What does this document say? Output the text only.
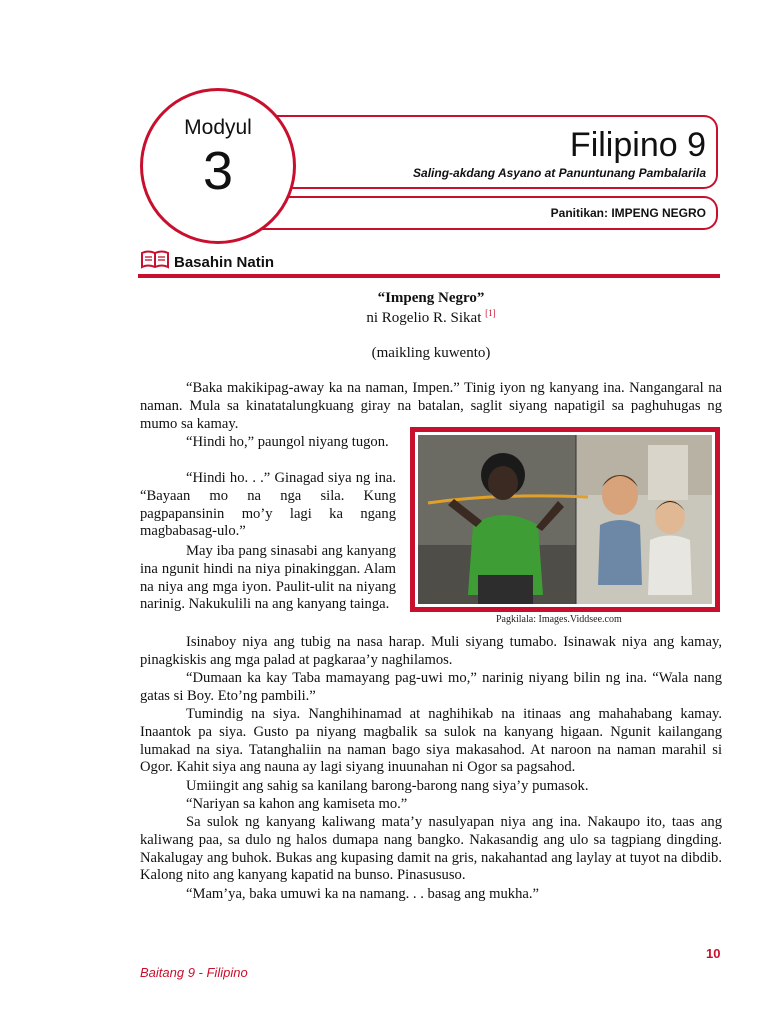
Modyul
3	Filipino 9
Saling-akdang Asyano at Panuntunang Pambalarila
Panitikan: IMPENG NEGRO
Basahin Natin
“Impeng Negro”
ni Rogelio R. Sikat [1]
(maikling kuwento)

“Baka makikipag-away ka na naman, Impen.” Tinig iyon ng kanyang ina. Nangangaral na naman. Mula sa kinatatalungkuang giray na batalan, saglit siyang napatigil sa paghuhugas ng mumo sa kamay.

“Hindi ho,” paungol niyang tugon.

“Hindi ho. . .” Ginagad siya ng ina. “Bayaan mo na nga sila. Kung pagpapansinin mo’y lagi ka ngang magbabasag-ulo.”

May iba pang sinasabi ang kanyang ina ngunit hindi na niya pinakinggan. Alam na niya ang mga iyon. Paulit-ulit na niyang narinig. Nakukulili na ang kanyang tainga.

Isinaboy niya ang tubig na nasa harap. Muli siyang tumabo. Isinawak niya ang kamay, pinagkiskis ang mga palad at pagkaraa’y naghilamos.

“Dumaan ka kay Taba mamayang pag-uwi mo,” narinig niyang bilin ng ina. “Wala nang gatas si Boy. Eto’ng pambili.”

Tumindig na siya. Nanghihinamad at naghihikab na itinaas ang mahahabang kamay. Inaantok pa siya. Gusto pa niyang magbalik sa sulok na kanyang higaan. Ngunit kailangang lumakad na siya. Tatanghaliin na naman bago siya makasahod. At naroon na naman marahil si Ogor. Kahit siya ang nauna ay lagi siyang inuunahan ni Ogor sa pagsahod.

Umiingit ang sahig sa kanilang barong-barong nang siya’y pumasok.

“Nariyan sa kahon ang kamiseta mo.”

Sa sulok ng kanyang kaliwang mata’y nasulyapan niya ang ina. Nakaupo ito, taas ang kaliwang paa, sa dulo ng halos dumapa nang bangko. Nakasandig ang ulo sa tagpiang dingding. Nakalugay ang buhok. Bukas ang kupasing damit na gris, nakahantad ang laylay at tuyot na dibdib. Kalong nito ang kanyang kapatid na bunso. Pinasususo.

“Mam’ya, baka umuwi ka na namang. . . basag ang mukha.”

Pagkilala: Images.Viddsee.com
10
Baitang 9 - Filipino
